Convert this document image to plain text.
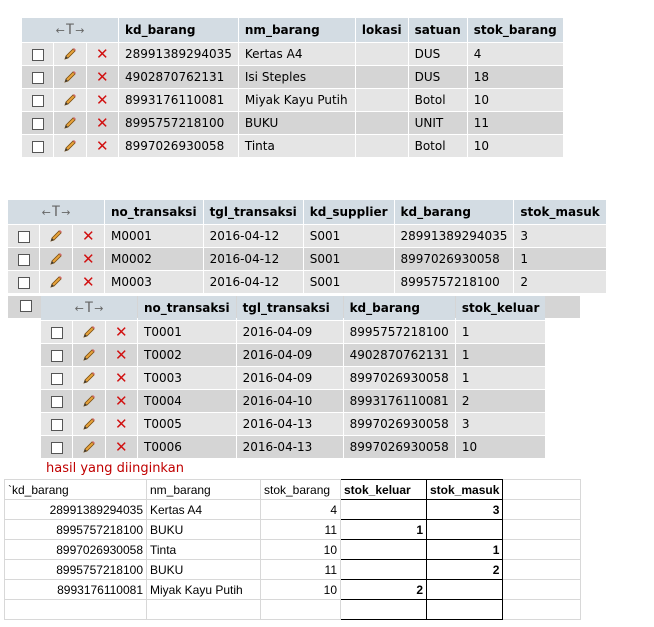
← T →			kd_barang	nm_barang	lokasi	satuan	stok_barang
		✕	28991389294035	Kertas A4		DUS	4
		✕	4902870762131	Isi Steples		DUS	18
		✕	8993176110081	Miyak Kayu Putih		Botol	10
		✕	8995757218100	BUKU		UNIT	11
		✕	8997026930058	Tinta		Botol	10
← T →			no_transaksi	tgl_transaksi	kd_supplier	kd_barang	stok_masuk
		✕	M0001	2016-04-12	S001	28991389294035	3
		✕	M0002	2016-04-12	S001	8997026930058	1
		✕	M0003	2016-04-12	S001	8995757218100	2
← T →			no_transaksi	tgl_transaksi	kd_barang	stok_keluar
		✕	T0001	2016-04-09	8995757218100	1
		✕	T0002	2016-04-09	4902870762131	1
		✕	T0003	2016-04-09	8997026930058	1
		✕	T0004	2016-04-10	8993176110081	2
		✕	T0005	2016-04-13	8997026930058	3
		✕	T0006	2016-04-13	8997026930058	10
hasil yang diinginkan
`kd_barang	nm_barang	stok_barang	stok_keluar	stok_masuk	
28991389294035	Kertas A4	4		3	
8995757218100	BUKU	11	1		
8997026930058	Tinta	10		1	
8995757218100	BUKU	11		2	
8993176110081	Miyak Kayu Putih	10	2		
